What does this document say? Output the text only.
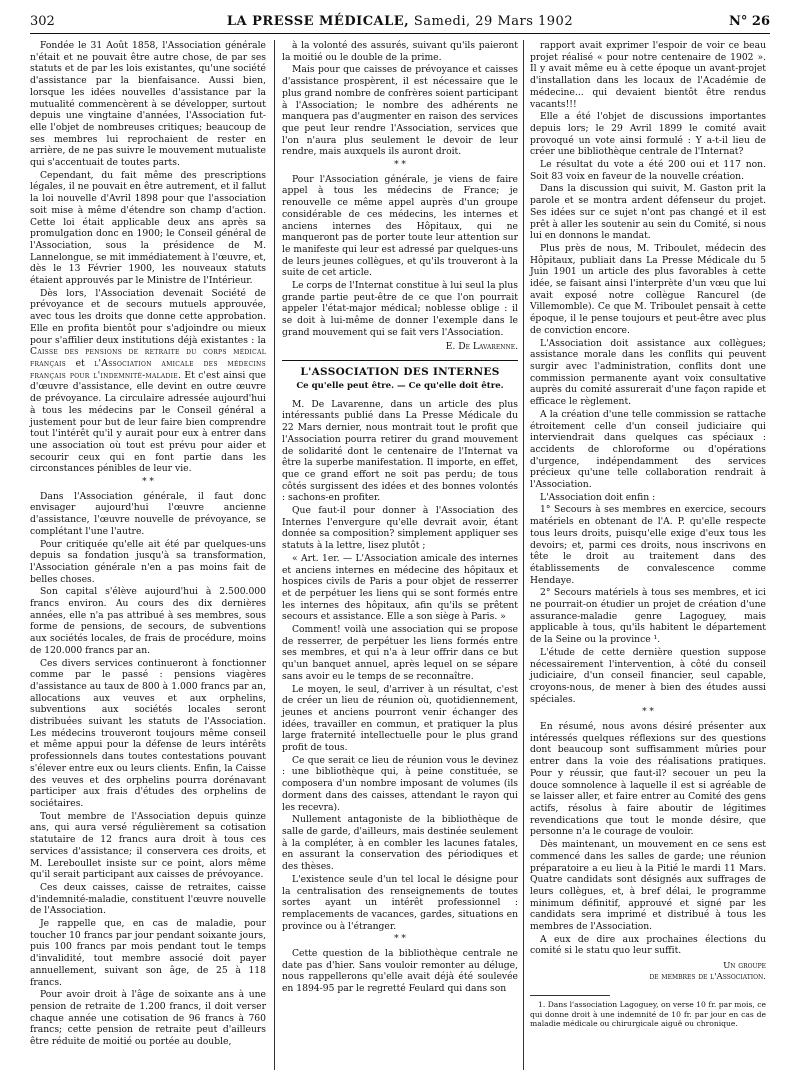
302	LA PRESSE MÉDICALE, Samedi, 29 Mars 1902	N° 26

Fondée le 31 Août 1858, l'Association générale n'était et ne pouvait être autre chose, de par ses statuts et de par les lois existantes, qu'une société d'assistance par la bienfaisance. Aussi bien, lorsque les idées nouvelles d'assistance par la mutualité commencèrent à se développer, surtout depuis une vingtaine d'années, l'Association fut-elle l'objet de nombreuses critiques; beaucoup de ses membres lui reprochaient de rester en arrière, de ne pas suivre le mouvement mutualiste qui s'accentuait de toutes parts.

Cependant, du fait même des prescriptions légales, il ne pouvait en être autrement, et il fallut la loi nouvelle d'Avril 1898 pour que l'association soit mise à même d'étendre son champ d'action. Cette loi était applicable deux ans après sa promulgation donc en 1900; le Conseil général de l'Association, sous la présidence de M. Lannelongue, se mit immédiatement à l'œuvre, et, dès le 13 Février 1900, les nouveaux statuts étaient approuvés par le Ministre de l'Intérieur.

Dès lors, l'Association devenait Société de prévoyance et de secours mutuels approuvée, avec tous les droits que donne cette approbation. Elle en profita bientôt pour s'adjoindre ou mieux pour s'affilier deux institutions déjà existantes : la Caisse des pensions de retraite du corps médical français et l'Association amicale des médecins français pour l'indemnité-maladie. Et c'est ainsi que d'œuvre d'assistance, elle devint en outre œuvre de prévoyance. La circulaire adressée aujourd'hui à tous les médecins par le Conseil général a justement pour but de leur faire bien comprendre tout l'intérêt qu'il y aurait pour eux à entrer dans une association où tout est prévu pour aider et secourir ceux qui en font partie dans les circonstances pénibles de leur vie.

* *

Dans l'Association générale, il faut donc envisager aujourd'hui l'œuvre ancienne d'assistance, l'œuvre nouvelle de prévoyance, se complétant l'une l'autre.

Pour critiquée qu'elle ait été par quelques-uns depuis sa fondation jusqu'à sa transformation, l'Association générale n'en a pas moins fait de belles choses.

Son capital s'élève aujourd'hui à 2.500.000 francs environ. Au cours des dix dernières années, elle n'a pas attribué à ses membres, sous forme de pensions, de secours, de subventions aux sociétés locales, de frais de procédure, moins de 120.000 francs par an.

Ces divers services continueront à fonctionner comme par le passé : pensions viagères d'assistance au taux de 800 à 1.000 francs par an, allocations aux veuves et aux orphelins, subventions aux sociétés locales seront distribuées suivant les statuts de l'Association. Les médecins trouveront toujours même conseil et même appui pour la défense de leurs intérêts professionnels dans toutes contestations pouvant s'élever entre eux ou leurs clients. Enfin, la Caisse des veuves et des orphelins pourra dorénavant participer aux frais d'études des orphelins de sociétaires.

Tout membre de l'Association depuis quinze ans, qui aura versé régulièrement sa cotisation statutaire de 12 francs aura droit à tous ces services d'assistance; il conservera ces droits, et M. Lereboullet insiste sur ce point, alors même qu'il serait participant aux caisses de prévoyance.

Ces deux caisses, caisse de retraites, caisse d'indemnité-maladie, constituent l'œuvre nouvelle de l'Association.

Je rappelle que, en cas de maladie, pour toucher 10 francs par jour pendant soixante jours, puis 100 francs par mois pendant tout le temps d'invalidité, tout membre associé doit payer annuellement, suivant son âge, de 25 à 118 francs.

Pour avoir droit à l'âge de soixante ans à une pension de retraite de 1.200 francs, il doit verser chaque année une cotisation de 96 francs à 760 francs; cette pension de retraite peut d'ailleurs être réduite de moitié ou portée au double,

à la volonté des assurés, suivant qu'ils paieront la moitié ou le double de la prime.

Mais pour que caisses de prévoyance et caisses d'assistance prospèrent, il est nécessaire que le plus grand nombre de confrères soient participant à l'Association; le nombre des adhérents ne manquera pas d'augmenter en raison des services que peut leur rendre l'Association, services que l'on n'aura plus seulement le devoir de leur rendre, mais auxquels ils auront droit.

* *

Pour l'Association générale, je viens de faire appel à tous les médecins de France; je renouvelle ce même appel auprès d'un groupe considérable de ces médecins, les internes et anciens internes des Hôpitaux, qui ne manqueront pas de porter toute leur attention sur le manifeste qui leur est adressé par quelques-uns de leurs jeunes collègues, et qu'ils trouveront à la suite de cet article.

Le corps de l'Internat constitue à lui seul la plus grande partie peut-être de ce que l'on pourrait appeler l'état-major médical; noblesse oblige : il se doit à lui-même de donner l'exemple dans le grand mouvement qui se fait vers l'Association.

E. De Lavarenne.
L'ASSOCIATION DES INTERNES
Ce qu'elle peut être. — Ce qu'elle doit être.

M. De Lavarenne, dans un article des plus intéressants publié dans La Presse Médicale du 22 Mars dernier, nous montrait tout le profit que l'Association pourra retirer du grand mouvement de solidarité dont le centenaire de l'Internat va être la superbe manifestation. Il importe, en effet, que ce grand effort ne soit pas perdu; de tous côtés surgissent des idées et des bonnes volontés : sachons-en profiter.

Que faut-il pour donner à l'Association des Internes l'envergure qu'elle devrait avoir, étant donnée sa composition? simplement appliquer ses statuts à la lettre, lisez plutôt ;

« Art. 1er. — L'Association amicale des internes et anciens internes en médecine des hôpitaux et hospices civils de Paris a pour objet de resserrer et de perpétuer les liens qui se sont formés entre les internes des hôpitaux, afin qu'ils se prêtent secours et assistance. Elle a son siège à Paris. »

Comment! voilà une association qui se propose de resserrer, de perpétuer les liens formés entre ses membres, et qui n'a à leur offrir dans ce but qu'un banquet annuel, après lequel on se sépare sans avoir eu le temps de se reconnaître.

Le moyen, le seul, d'arriver à un résultat, c'est de créer un lieu de réunion où, quotidiennement, jeunes et anciens pourront venir échanger des idées, travailler en commun, et pratiquer la plus large fraternité intellectuelle pour le plus grand profit de tous.

Ce que serait ce lieu de réunion vous le devinez : une bibliothèque qui, à peine constituée, se composera d'un nombre imposant de volumes (ils dorment dans des caisses, attendant le rayon qui les recevra).

Nullement antagoniste de la bibliothèque de salle de garde, d'ailleurs, mais destinée seulement à la compléter, à en combler les lacunes fatales, en assurant la conservation des périodiques et des thèses.

L'existence seule d'un tel local le désigne pour la centralisation des renseignements de toutes sortes ayant un intérêt professionnel : remplacements de vacances, gardes, situations en province ou à l'étranger.

* *

Cette question de la bibliothèque centrale ne date pas d'hier. Sans vouloir remonter au déluge, nous rappellerons qu'elle avait déjà été soulevée en 1894-95 par le regretté Feulard qui dans son

rapport avait exprimer l'espoir de voir ce beau projet réalisé « pour notre centenaire de 1902 ». Il y avait même eu à cette époque un avant-projet d'installation dans les locaux de l'Académie de médecine... qui devaient bientôt être rendus vacants!!!

Elle a été l'objet de discussions importantes depuis lors; le 29 Avril 1899 le comité avait provoqué un vote ainsi formulé : Y a-t-il lieu de créer une bibliothèque centrale de l'Internat?

Le résultat du vote a été 200 oui et 117 non. Soit 83 voix en faveur de la nouvelle création.

Dans la discussion qui suivit, M. Gaston prit la parole et se montra ardent défenseur du projet. Ses idées sur ce sujet n'ont pas changé et il est prêt à aller les soutenir au sein du Comité, si nous lui en donnons le mandat.

Plus près de nous, M. Triboulet, médecin des Hôpitaux, publiait dans La Presse Médicale du 5 Juin 1901 un article des plus favorables à cette idée, se faisant ainsi l'interprète d'un vœu que lui avait exposé notre collègue Rancurel (de Villemomble). Ce que M. Triboulet pensait à cette époque, il le pense toujours et peut-être avec plus de conviction encore.

L'Association doit assistance aux collègues; assistance morale dans les conflits qui peuvent surgir avec l'administration, conflits dont une commission permanente ayant voix consultative auprès du comité assurerait d'une façon rapide et efficace le règlement.

A la création d'une telle commission se rattache étroitement celle d'un conseil judiciaire qui interviendrait dans quelques cas spéciaux : accidents de chloroforme ou d'opérations d'urgence, indépendamment des services précieux qu'une telle collaboration rendrait à l'Association.

L'Association doit enfin :

1° Secours à ses membres en exercice, secours matériels en obtenant de l'A. P. qu'elle respecte tous leurs droits, puisqu'elle exige d'eux tous les devoirs; et, parmi ces droits, nous inscrivons en tête le droit au traitement dans des établissements de convalescence comme Hendaye.

2° Secours matériels à tous ses membres, et ici ne pourrait-on étudier un projet de création d'une assurance-maladie genre Lagoguey, mais applicable à tous, qu'ils habitent le département de la Seine ou la province ¹.

L'étude de cette dernière question suppose nécessairement l'intervention, à côté du conseil judiciaire, d'un conseil financier, seul capable, croyons-nous, de mener à bien des études aussi spéciales.

* *

En résumé, nous avons désiré présenter aux intéressés quelques réflexions sur des questions dont beaucoup sont suffisamment mûries pour entrer dans la voie des réalisations pratiques. Pour y réussir, que faut-il? secouer un peu la douce somnolence à laquelle il est si agréable de se laisser aller, et faire entrer au Comité des gens actifs, résolus à faire aboutir de légitimes revendications que tout le monde désire, que personne n'a le courage de vouloir.

Dès maintenant, un mouvement en ce sens est commencé dans les salles de garde; une réunion préparatoire a eu lieu à la Pitié le mardi 11 Mars. Quatre candidats sont désignés aux suffrages de leurs collègues, et, à bref délai, le programme minimum définitif, approuvé et signé par les candidats sera imprimé et distribué à tous les membres de l'Association.

A eux de dire aux prochaines élections du comité si le statu quo leur suffit.

Un groupe
de membres de l'Association.
1. Dans l'association Lagoguey, on verse 10 fr. par mois, ce qui donne droit à une indemnité de 10 fr. par jour en cas de maladie médicale ou chirurgicale aiguë ou chronique.
